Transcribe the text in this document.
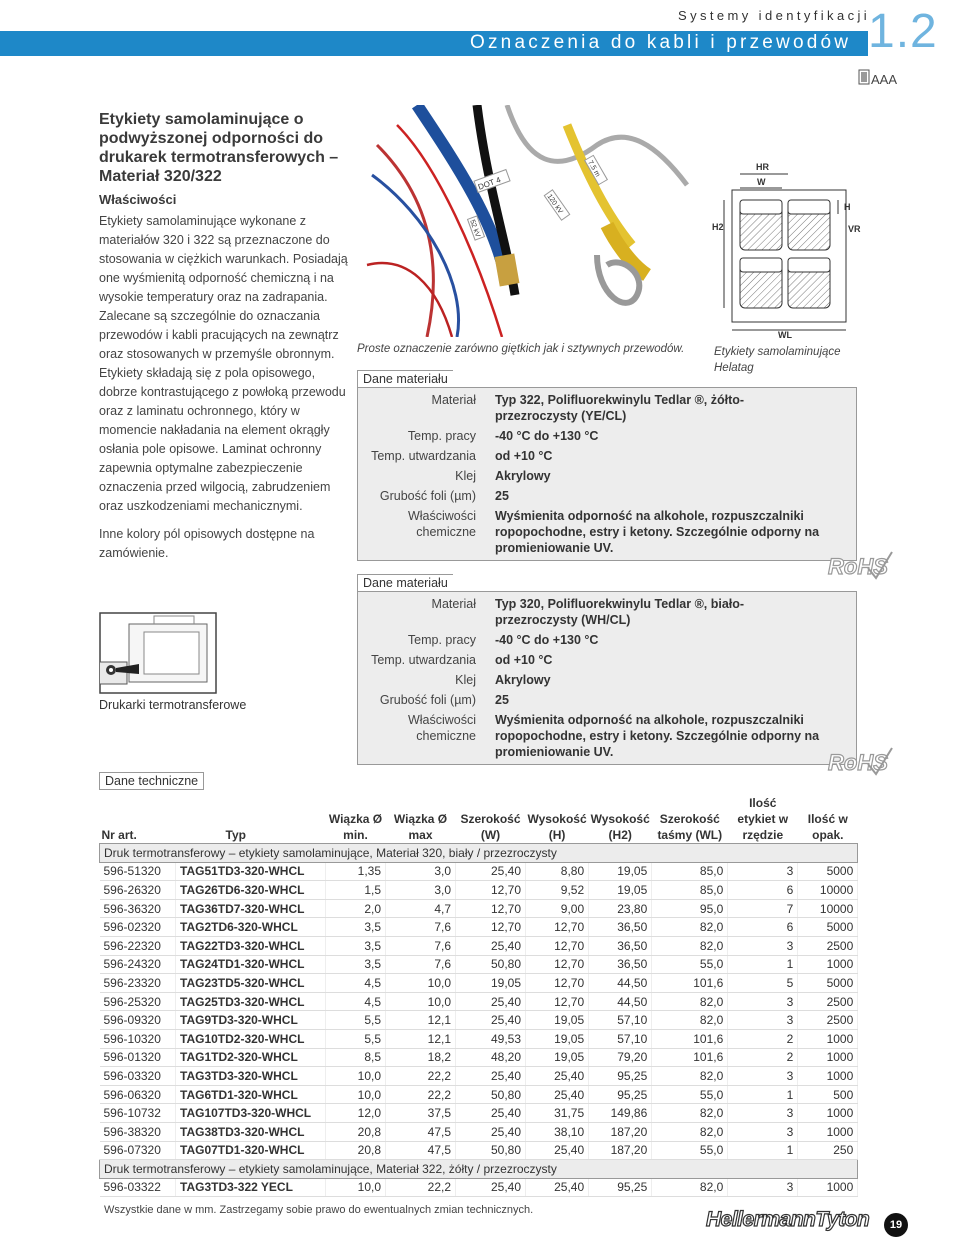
Systemy identyfikacji
Oznaczenia do kabli i przewodów 1.2
AAA
Etykiety samolaminujące o podwyższonej odporności do drukarek termotransferowych – Materiał 320/322
Właściwości

Etykiety samolaminujące wykonane z materiałów 320 i 322 są przeznaczone do stosowania w ciężkich warunkach. Posiadają one wyśmienitą odporność chemiczną i na wysokie temperatury oraz na zadrapania.

Zalecane są szczególnie do oznaczania przewodów i kabli pracujących na zewnątrz oraz stosowanych w przemyśle obronnym.

Etykiety składają się z pola opisowego, dobrze kontrastującego z powłoką przewodu oraz z laminatu ochronnego, który w momencie nakładania na element okrągły osłania pole opisowe. Laminat ochronny zapewnia optymalne zabezpieczenie oznaczenia przed wilgocią, zabrudzeniem oraz uszkodzeniami mechanicznymi.

Inne kolory pól opisowych dostępne na zamówienie.

Drukarki termotransferowe
DOT 4
7.5 m
120 kV
52 kV
Proste oznaczenie zarówno giętkich jak i sztywnych przewodów.
HR
W
H
H2	VR
WL
Etykiety samolaminujące
Helatag
Dane materiału
Materiał Typ 322, Polifluorekwinylu Tedlar ®, żółto-przezroczysty (YE/CL)
Temp. pracy -40 °C do +130 °C
Temp. utwardzania od +10 °C
Klej Akrylowy
Grubość foli (µm) 25
Właściwości chemiczne
Wyśmienita odporność na alkohole, rozpuszczalniki ropopochodne, estry i ketony. Szczególnie odporny na promieniowanie UV.
RoHS
Dane materiału
Materiał Typ 320, Polifluorekwinylu Tedlar ®, biało-przezroczysty (WH/CL)
Temp. pracy -40 °C do +130 °C
Temp. utwardzania od +10 °C
Klej Akrylowy
Grubość foli (µm) 25
Właściwości chemiczne
Wyśmienita odporność na alkohole, rozpuszczalniki ropopochodne, estry i ketony. Szczególnie odporny na promieniowanie UV.	RoHS
Dane techniczne
Nr art.	Typ	Wiązka Ø min.	Wiązka Ø max	Szerokość (W)	Wysokość (H)	Wysokość (H2)	Szerokość taśmy (WL)	Ilość etykiet w rzędzie	Ilość w opak.
Druk termotransferowy – etykiety samolaminujące, Materiał 320, biały / przezroczysty									
596-51320	TAG51TD3-320-WHCL	1,35	3,0	25,40	8,80	19,05	85,0	3	5000
596-26320	TAG26TD6-320-WHCL	1,5	3,0	12,70	9,52	19,05	85,0	6	10000
596-36320	TAG36TD7-320-WHCL	2,0	4,7	12,70	9,00	23,80	95,0	7	10000
596-02320	TAG2TD6-320-WHCL	3,5	7,6	12,70	12,70	36,50	82,0	6	5000
596-22320	TAG22TD3-320-WHCL	3,5	7,6	25,40	12,70	36,50	82,0	3	2500
596-24320	TAG24TD1-320-WHCL	3,5	7,6	50,80	12,70	36,50	55,0	1	1000
596-23320	TAG23TD5-320-WHCL	4,5	10,0	19,05	12,70	44,50	101,6	5	5000
596-25320	TAG25TD3-320-WHCL	4,5	10,0	25,40	12,70	44,50	82,0	3	2500
596-09320	TAG9TD3-320-WHCL	5,5	12,1	25,40	19,05	57,10	82,0	3	2500
596-10320	TAG10TD2-320-WHCL	5,5	12,1	49,53	19,05	57,10	101,6	2	1000
596-01320	TAG1TD2-320-WHCL	8,5	18,2	48,20	19,05	79,20	101,6	2	1000
596-03320	TAG3TD3-320-WHCL	10,0	22,2	25,40	25,40	95,25	82,0	3	1000
596-06320	TAG6TD1-320-WHCL	10,0	22,2	50,80	25,40	95,25	55,0	1	500
596-10732	TAG107TD3-320-WHCL	12,0	37,5	25,40	31,75	149,86	82,0	3	1000
596-38320	TAG38TD3-320-WHCL	20,8	47,5	25,40	38,10	187,20	82,0	3	1000
596-07320	TAG07TD1-320-WHCL	20,8	47,5	50,80	25,40	187,20	55,0	1	250
Druk termotransferowy – etykiety samolaminujące, Materiał 322, żółty / przezroczysty									
596-03322	TAG3TD3-322 YECL	10,0	22,2	25,40	25,40	95,25	82,0	3	1000
Wszystkie dane w mm. Zastrzegamy sobie prawo do ewentualnych zmian technicznych.	HellermannTyton	19
